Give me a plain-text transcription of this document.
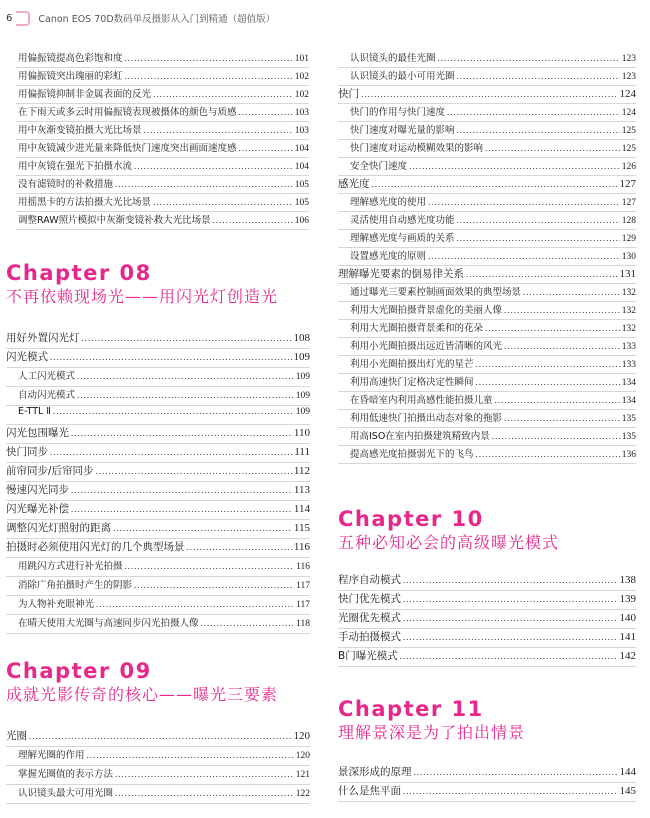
6	Canon EOS 70D数码单反摄影从入门到精通（超值版）
用偏振镜提高色彩饱和度 .....	101
用偏振镜突出瑰丽的彩虹 .....	102
用偏振镜抑制非金属表面的反光 .....	102
在下雨天或多云时用偏振镜表现被摄体的颜色与质感 .....	103
用中灰渐变镜拍摄大光比场景 .....	103
用中灰镜减少进光量来降低快门速度突出画面速度感 .....	104
用中灰镜在强光下拍摄水流 .....	104
没有滤镜时的补救措施 .....	105
用摇黑卡的方法拍摄大光比场景 .....	105
调整RAW照片模拟中灰渐变镜补救大光比场景 .....	106
Chapter 08
不再依赖现场光——用闪光灯创造光
用好外置闪光灯 .....	108
闪光模式 .....	109
人工闪光模式 .....	109
自动闪光模式 .....	109
E-TTL Ⅱ .....	109
闪光包围曝光 .....	110
快门同步 .....	111
前帘同步/后帘同步 .....	112
慢速闪光同步 .....	113
闪光曝光补偿 .....	114
调整闪光灯照射的距离 .....	115
拍摄时必须使用闪光灯的几个典型场景 .....	116
用跳闪方式进行补光拍摄 .....	116
消除广角拍摄时产生的阴影 .....	117
为人物补充眼神光 .....	117
在晴天使用大光圈与高速同步闪光拍摄人像 .....	118
Chapter 09
成就光影传奇的核心——曝光三要素
光圈 .....	120
理解光圈的作用 .....	120
掌握光圈值的表示方法 .....	121
认识镜头最大可用光圈 .....	122
认识镜头的最佳光圈 .....	123
认识镜头的最小可用光圈 .....	123
快门 .....	124
快门的作用与快门速度 .....	124
快门速度对曝光量的影响 .....	125
快门速度对运动模糊效果的影响 .....	125
安全快门速度 .....	126
感光度 .....	127
理解感光度的使用 .....	127
灵活使用自动感光度功能 .....	128
理解感光度与画质的关系 .....	129
设置感光度的原则 .....	130
理解曝光要素的倒易律关系 .....	131
通过曝光三要素控制画面效果的典型场景 .....	132
利用大光圈拍摄背景虚化的美丽人像 .....	132
利用大光圈拍摄背景柔和的花朵 .....	132
利用小光圈拍摄出远近皆清晰的风光 .....	133
利用小光圈拍摄出灯光的星芒 .....	133
利用高速快门定格决定性瞬间 .....	134
在昏暗室内利用高感性能拍摄儿童 .....	134
利用低速快门拍摄出动态对象的拖影 .....	135
用高ISO在室内拍摄建筑精致内景 .....	135
提高感光度拍摄弱光下的飞鸟 .....	136
Chapter 10
五种必知必会的高级曝光模式
程序自动模式 .....	138
快门优先模式 .....	139
光圈优先模式 .....	140
手动拍摄模式 .....	141
B门曝光模式 .....	142
Chapter 11
理解景深是为了拍出情景
景深形成的原理 .....	144
什么是焦平面 .....	145
